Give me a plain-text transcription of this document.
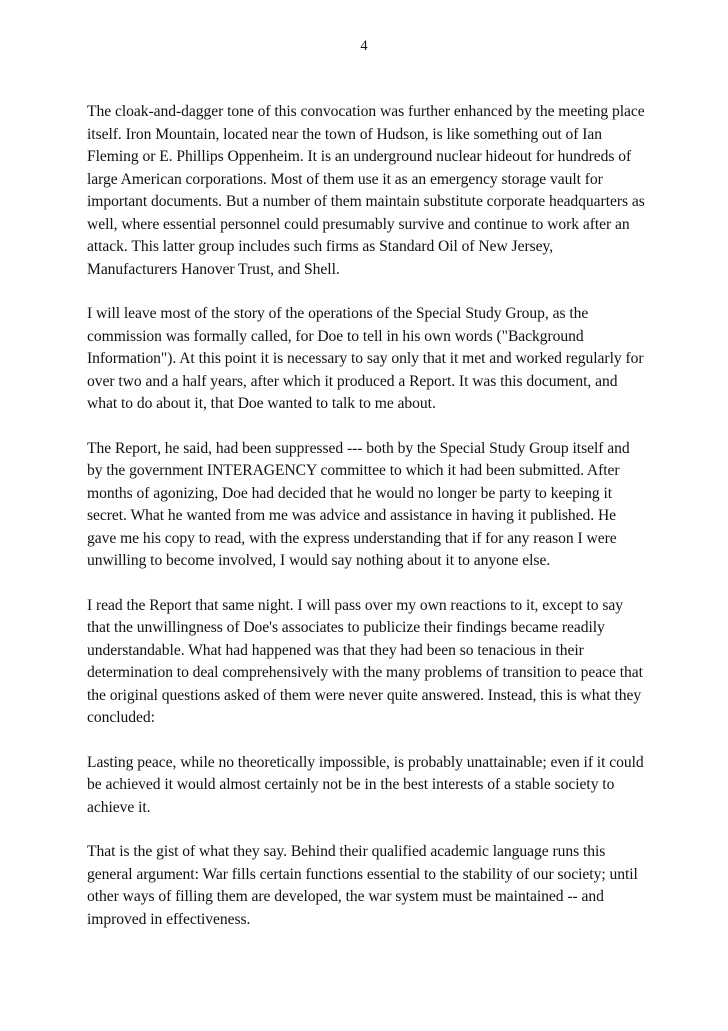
4

The cloak-and-dagger tone of this convocation was further enhanced by the meeting place itself. Iron Mountain, located near the town of Hudson, is like something out of Ian Fleming or E. Phillips Oppenheim. It is an underground nuclear hideout for hundreds of large American corporations. Most of them use it as an emergency storage vault for important documents. But a number of them maintain substitute corporate headquarters as well, where essential personnel could presumably survive and continue to work after an attack. This latter group includes such firms as Standard Oil of New Jersey, Manufacturers Hanover Trust, and Shell.

I will leave most of the story of the operations of the Special Study Group, as the commission was formally called, for Doe to tell in his own words ("Background Information"). At this point it is necessary to say only that it met and worked regularly for over two and a half years, after which it produced a Report. It was this document, and what to do about it, that Doe wanted to talk to me about.

The Report, he said, had been suppressed --- both by the Special Study Group itself and by the government INTERAGENCY committee to which it had been submitted. After months of agonizing, Doe had decided that he would no longer be party to keeping it secret. What he wanted from me was advice and assistance in having it published. He gave me his copy to read, with the express understanding that if for any reason I were unwilling to become involved, I would say nothing about it to anyone else.

I read the Report that same night. I will pass over my own reactions to it, except to say that the unwillingness of Doe's associates to publicize their findings became readily understandable. What had happened was that they had been so tenacious in their determination to deal comprehensively with the many problems of transition to peace that the original questions asked of them were never quite answered. Instead, this is what they concluded:

Lasting peace, while no theoretically impossible, is probably unattainable; even if it could be achieved it would almost certainly not be in the best interests of a stable society to achieve it.

That is the gist of what they say. Behind their qualified academic language runs this general argument: War fills certain functions essential to the stability of our society; until other ways of filling them are developed, the war system must be maintained -- and improved in effectiveness.
